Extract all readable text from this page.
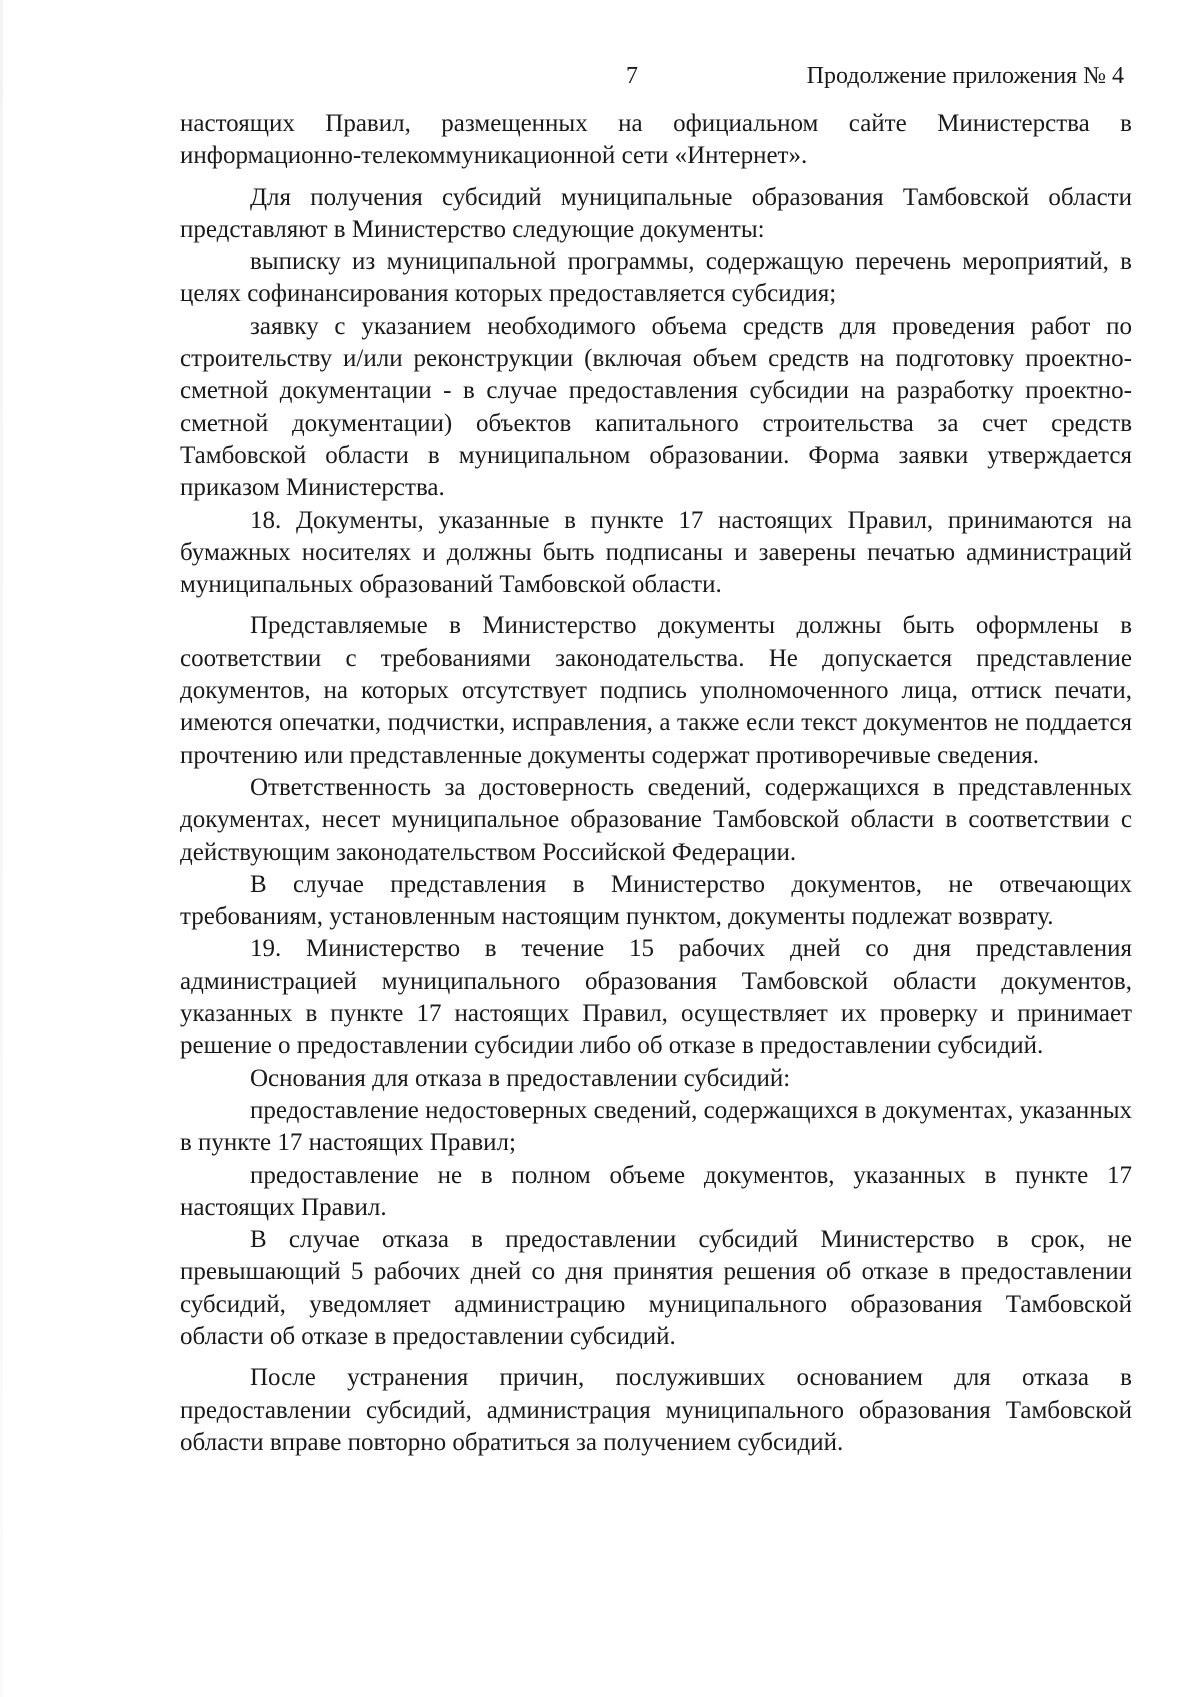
7	Продолжение приложения № 4

настоящих Правил, размещенных на официальном сайте Министерства в информационно-телекоммуникационной сети «Интернет».

Для получения субсидий муниципальные образования Тамбовской области представляют в Министерство следующие документы:

выписку из муниципальной программы, содержащую перечень мероприятий, в целях софинансирования которых предоставляется субсидия;

заявку с указанием необходимого объема средств для проведения работ по строительству и/или реконструкции (включая объем средств на подготовку проектно-сметной документации - в случае предоставления субсидии на разработку проектно-сметной документации) объектов капитального строительства за счет средств Тамбовской области в муниципальном образовании. Форма заявки утверждается приказом Министерства.

18. Документы, указанные в пункте 17 настоящих Правил, принимаются на бумажных носителях и должны быть подписаны и заверены печатью администраций муниципальных образований Тамбовской области.

Представляемые в Министерство документы должны быть оформлены в соответствии с требованиями законодательства. Не допускается представление документов, на которых отсутствует подпись уполномоченного лица, оттиск печати, имеются опечатки, подчистки, исправления, а также если текст документов не поддается прочтению или представленные документы содержат противоречивые сведения.

Ответственность за достоверность сведений, содержащихся в представленных документах, несет муниципальное образование Тамбовской области в соответствии с действующим законодательством Российской Федерации.

В случае представления в Министерство документов, не отвечающих требованиям, установленным настоящим пунктом, документы подлежат возврату.

19. Министерство в течение 15 рабочих дней со дня представления администрацией муниципального образования Тамбовской области документов, указанных в пункте 17 настоящих Правил, осуществляет их проверку и принимает решение о предоставлении субсидии либо об отказе в предоставлении субсидий.

Основания для отказа в предоставлении субсидий:

предоставление недостоверных сведений, содержащихся в документах, указанных в пункте 17 настоящих Правил;

предоставление не в полном объеме документов, указанных в пункте 17 настоящих Правил.

В случае отказа в предоставлении субсидий Министерство в срок, не превышающий 5 рабочих дней со дня принятия решения об отказе в предоставлении субсидий, уведомляет администрацию муниципального образования Тамбовской области об отказе в предоставлении субсидий.

После устранения причин, послуживших основанием для отказа в предоставлении субсидий, администрация муниципального образования Тамбовской области вправе повторно обратиться за получением субсидий.
